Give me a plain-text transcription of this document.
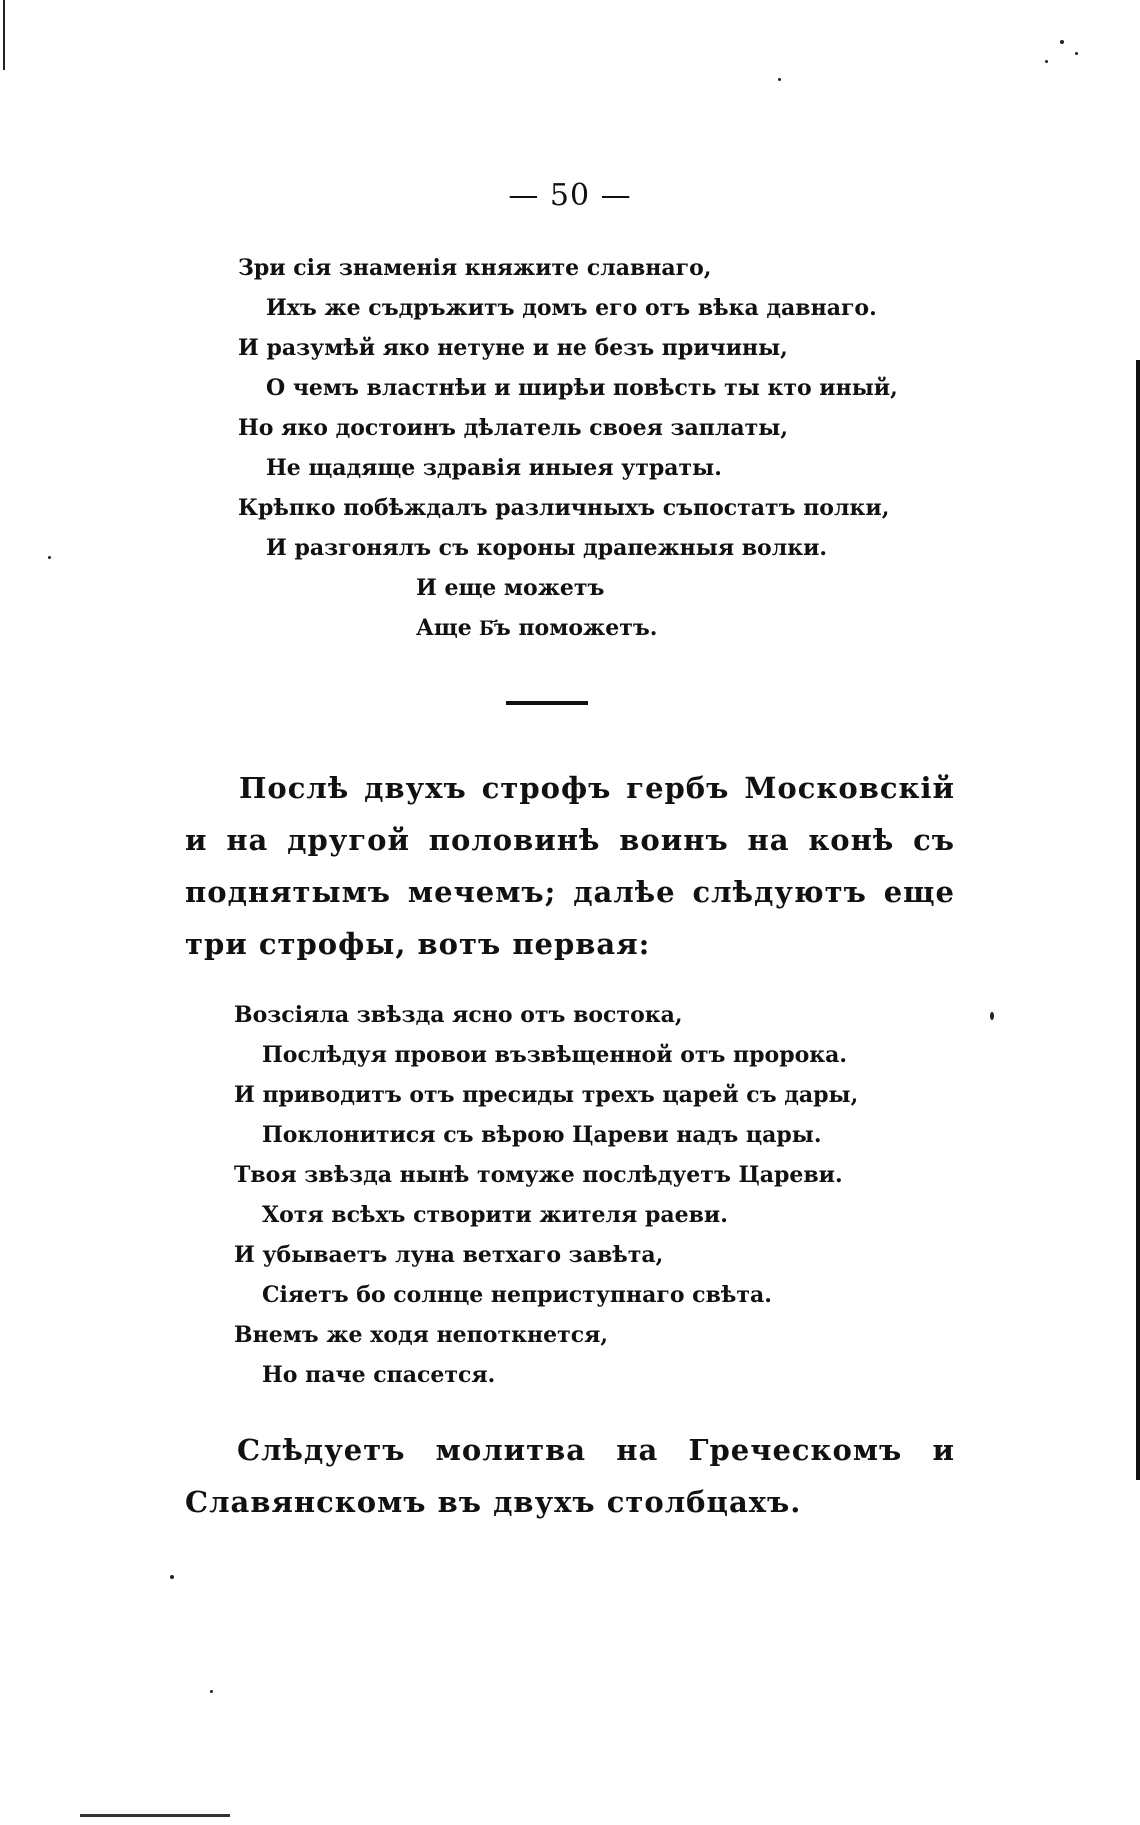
— 50 —
Зри сія знаменія княжите славнаго,
Ихъ же съдръжитъ домъ его отъ вѣка давнаго.
И разумѣй яко нетуне и не безъ причины,
О чемъ властнѣи и ширѣи повѣсть ты кто иный,
Но яко достоинъ дѣлатель своея заплаты,
Не щадяще здравія иныея утраты.
Крѣпко побѣждалъ различныхъ съпостатъ полки,
И разгонялъ съ короны драпежныя волки.
И еще можетъ
Аще Б҃ъ поможетъ.

Послѣ двухъ строфъ гербъ Московскій и на другой половинѣ воинъ на конѣ съ поднятымъ мечемъ; далѣе слѣдуютъ еще три строфы, вотъ первая:

Возсіяла звѣзда ясно отъ востока,
Послѣдуя провои възвѣщенной отъ пророка.
И приводитъ отъ пресиды трехъ царей съ дары,
Поклонитися съ вѣрою Цареви надъ цары.
Твоя звѣзда нынѣ томуже послѣдуетъ Цареви.
Хотя всѣхъ створити жителя раеви.
И убываетъ луна ветхаго завѣта,
Сіяетъ бо солнце неприступнаго свѣта.
Внемъ же ходя непоткнется,
Но паче спасется.

Слѣдуетъ молитва на Греческомъ и Славянскомъ въ двухъ столбцахъ.
